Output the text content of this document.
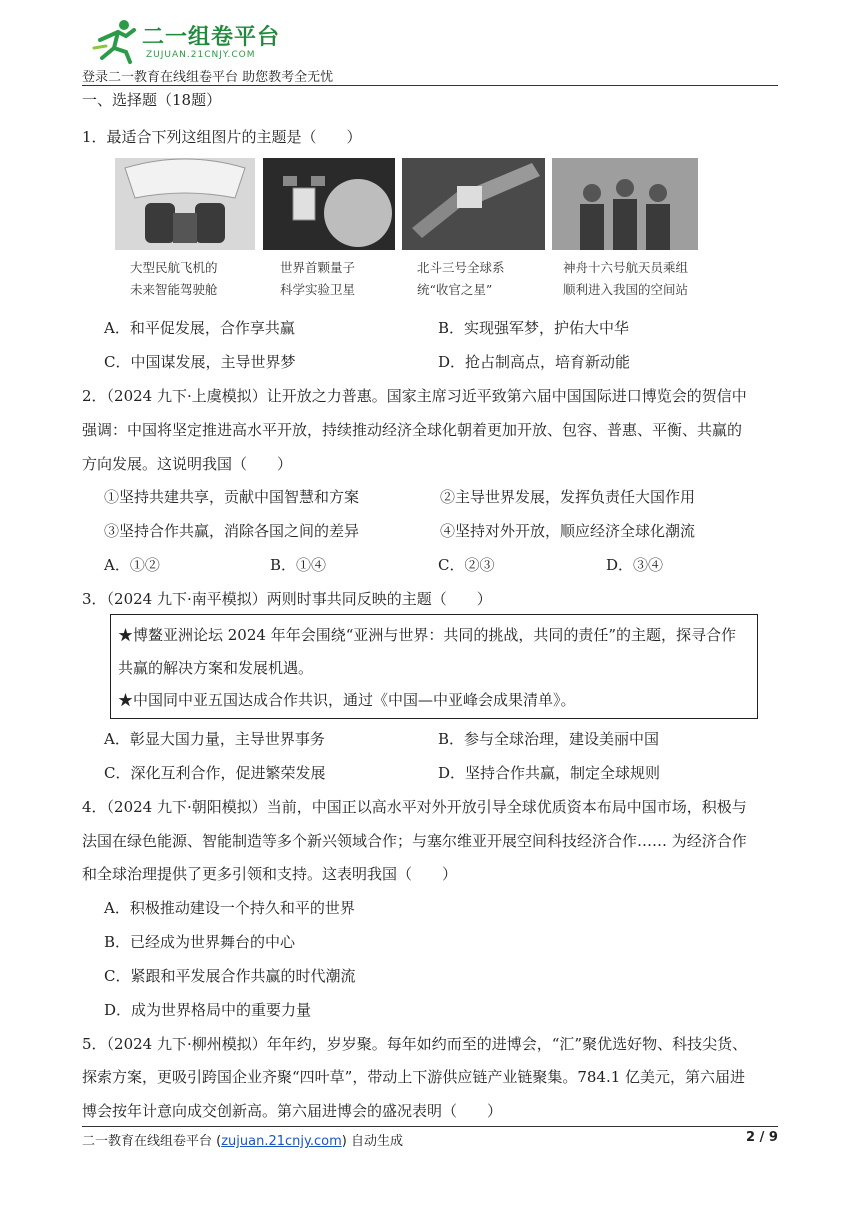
二一组卷平台
ZUJUAN.21CNJY.COM
登录二一教育在线组卷平台 助您教考全无忧
一、选择题（18题）
1．最适合下列这组图片的主题是（　　）
大型民航飞机的
未来智能驾驶舱
世界首颗量子
科学实验卫星
北斗三号全球系
统“收官之星”
神舟十六号航天员乘组
顺利进入我国的空间站
A．和平促发展，合作享共赢	B．实现强军梦，护佑大中华
C．中国谋发展，主导世界梦	D．抢占制高点，培育新动能
2．（2024 九下·上虞模拟）让开放之力普惠。国家主席习近平致第六届中国国际进口博览会的贺信中
强调：中国将坚定推进高水平开放，持续推动经济全球化朝着更加开放、包容、普惠、平衡、共赢的
方向发展。这说明我国（　　）
①坚持共建共享，贡献中国智慧和方案	②主导世界发展，发挥负责任大国作用
③坚持合作共赢，消除各国之间的差异	④坚持对外开放，顺应经济全球化潮流
A．①②	B．①④	C．②③	D．③④
3．（2024 九下·南平模拟）两则时事共同反映的主题（　　）
★博鳌亚洲论坛 2024 年年会围绕“亚洲与世界：共同的挑战，共同的责任”的主题，探寻合作
共赢的解决方案和发展机遇。
★中国同中亚五国达成合作共识，通过《中国—中亚峰会成果清单》。
A．彰显大国力量，主导世界事务	B．参与全球治理，建设美丽中国
C．深化互利合作，促进繁荣发展	D．坚持合作共赢，制定全球规则
4．（2024 九下·朝阳模拟）当前，中国正以高水平对外开放引导全球优质资本布局中国市场，积极与
法国在绿色能源、智能制造等多个新兴领域合作；与塞尔维亚开展空间科技经济合作…… 为经济合作
和全球治理提供了更多引领和支持。这表明我国（　　）
A．积极推动建设一个持久和平的世界
B．已经成为世界舞台的中心
C．紧跟和平发展合作共赢的时代潮流
D．成为世界格局中的重要力量
5．（2024 九下·柳州模拟）年年约，岁岁聚。每年如约而至的进博会，“汇”聚优选好物、科技尖货、
探索方案，更吸引跨国企业齐聚“四叶草”，带动上下游供应链产业链聚集。784.1 亿美元，第六届进
博会按年计意向成交创新高。第六届进博会的盛况表明（　　）
二一教育在线组卷平台 (zujuan.21cnjy.com) 自动生成	2 / 9
